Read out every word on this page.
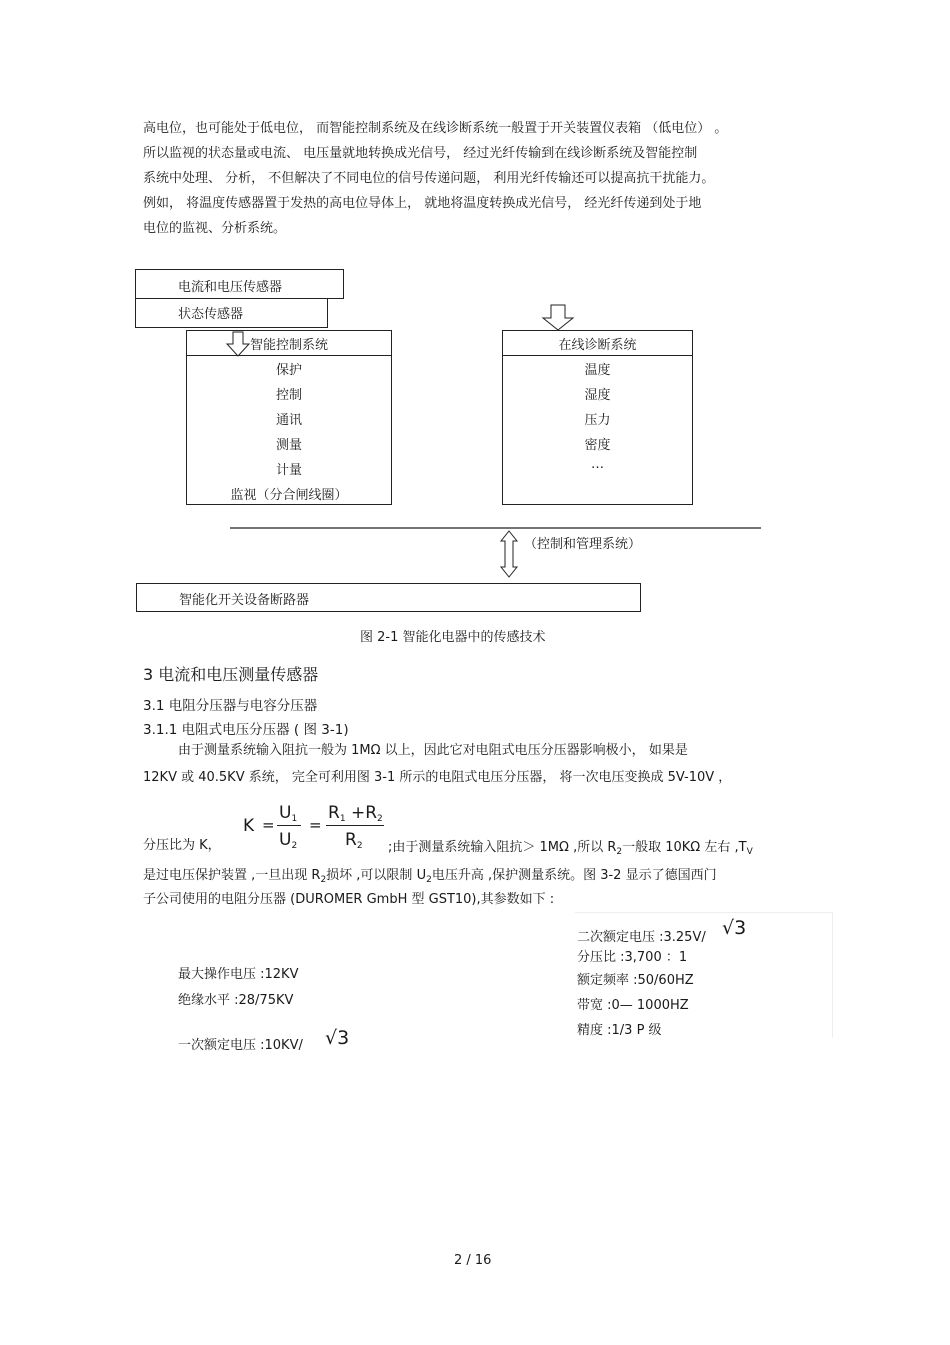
高电位，也可能处于低电位， 而智能控制系统及在线诊断系统一般置于开关装置仪表箱 （低电位） 。
所以监视的状态量或电流、 电压量就地转换成光信号， 经过光纤传输到在线诊断系统及智能控制
系统中处理、 分析， 不但解决了不同电位的信号传递问题， 利用光纤传输还可以提高抗干扰能力。
例如， 将温度传感器置于发热的高电位导体上， 就地将温度转换成光信号， 经光纤传递到处于地
电位的监视、分析系统。
电流和电压传感器
状态传感器
智能控制系统
保护
控制
通讯
测量
计量
监视（分合闸线圈）
在线诊断系统
温度
湿度
压力
密度
…
（控制和管理系统）
智能化开关设备断路器
图 2-1 智能化电器中的传感技术
3 电流和电压测量传感器
3.1 电阻分压器与电容分压器
3.1.1 电阻式电压分压器 ( 图 3-1)
由于测量系统输入阻抗一般为 1MΩ 以上，因此它对电阻式电压分压器影响极小， 如果是
12KV 或 40.5KV 系统， 完全可利用图 3-1 所示的电阻式电压分压器， 将一次电压变换成 5V-10V ，
K =
U1
U2
=
R1 +R2
R2
分压比为 K，	;由于测量系统输入阻抗＞ 1MΩ ,所以 $R_2$一般取 10KΩ 左右 $,T_V$
是过电压保护装置 ,一旦出现 $R_2$损坏 ,可以限制 $U_2$电压升高 ,保护测量系统。图 3-2 显示了德国西门
子公司使用的电阻分压器 (DUROMER GmbH 型 GST10),其参数如下 :
二次额定电压 :3.25V/ √3
分压比 :3,700 ：1
额定频率 :50/60HZ
带宽 :0— 1000HZ
精度 :1/3 P 级
最大操作电压 :12KV
绝缘水平 :28/75KV
一次额定电压 :10KV/ √3
2 / 16
